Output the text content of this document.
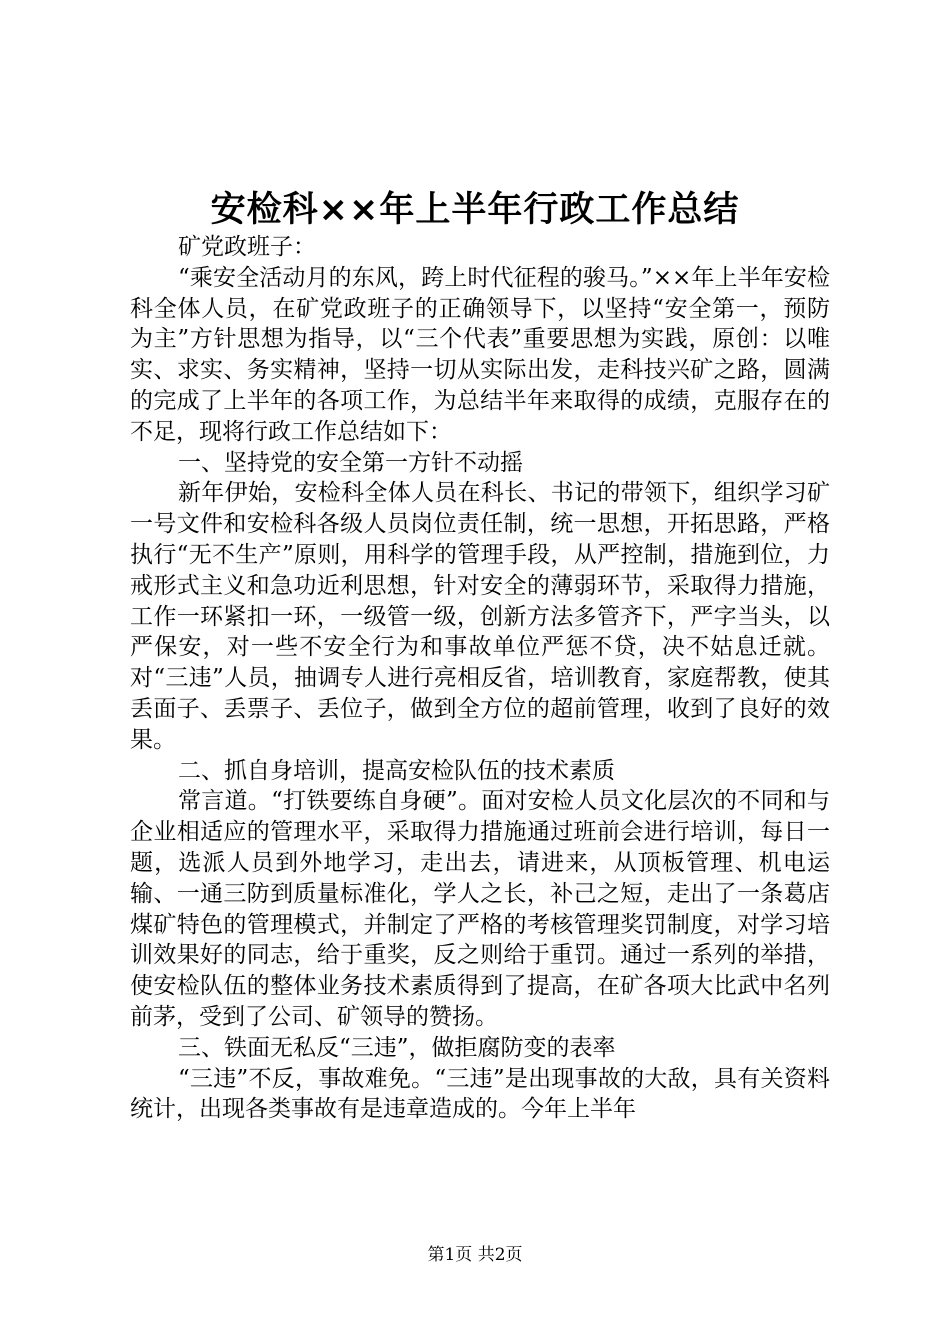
安检科××年上半年行政工作总结

矿党政班子：

“乘安全活动月的东风，跨上时代征程的骏马。”××年上半年安检科全体人员，在矿党政班子的正确领导下，以坚持“安全第一，预防为主”方针思想为指导，以“三个代表”重要思想为实践，原创：以唯实、求实、务实精神，坚持一切从实际出发，走科技兴矿之路，圆满的完成了上半年的各项工作，为总结半年来取得的成绩，克服存在的不足，现将行政工作总结如下：

一、坚持党的安全第一方针不动摇

新年伊始，安检科全体人员在科长、书记的带领下，组织学习矿一号文件和安检科各级人员岗位责任制，统一思想，开拓思路，严格执行“无不生产”原则，用科学的管理手段，从严控制，措施到位，力戒形式主义和急功近利思想，针对安全的薄弱环节，采取得力措施，工作一环紧扣一环，一级管一级，创新方法多管齐下，严字当头，以严保安，对一些不安全行为和事故单位严惩不贷，决不姑息迁就。对“三违”人员，抽调专人进行亮相反省，培训教育，家庭帮教，使其丢面子、丢票子、丢位子，做到全方位的超前管理，收到了良好的效果。

二、抓自身培训，提高安检队伍的技术素质

常言道。“打铁要练自身硬”。面对安检人员文化层次的不同和与企业相适应的管理水平，采取得力措施通过班前会进行培训，每日一题，选派人员到外地学习，走出去，请进来，从顶板管理、机电运输、一通三防到质量标准化，学人之长，补己之短，走出了一条葛店煤矿特色的管理模式，并制定了严格的考核管理奖罚制度，对学习培训效果好的同志，给于重奖，反之则给于重罚。通过一系列的举措，使安检队伍的整体业务技术素质得到了提高，在矿各项大比武中名列前茅，受到了公司、矿领导的赞扬。

三、铁面无私反“三违”，做拒腐防变的表率

“三违”不反，事故难免。“三违”是出现事故的大敌，具有关资料统计，出现各类事故有是违章造成的。今年上半年

第1页 共2页
